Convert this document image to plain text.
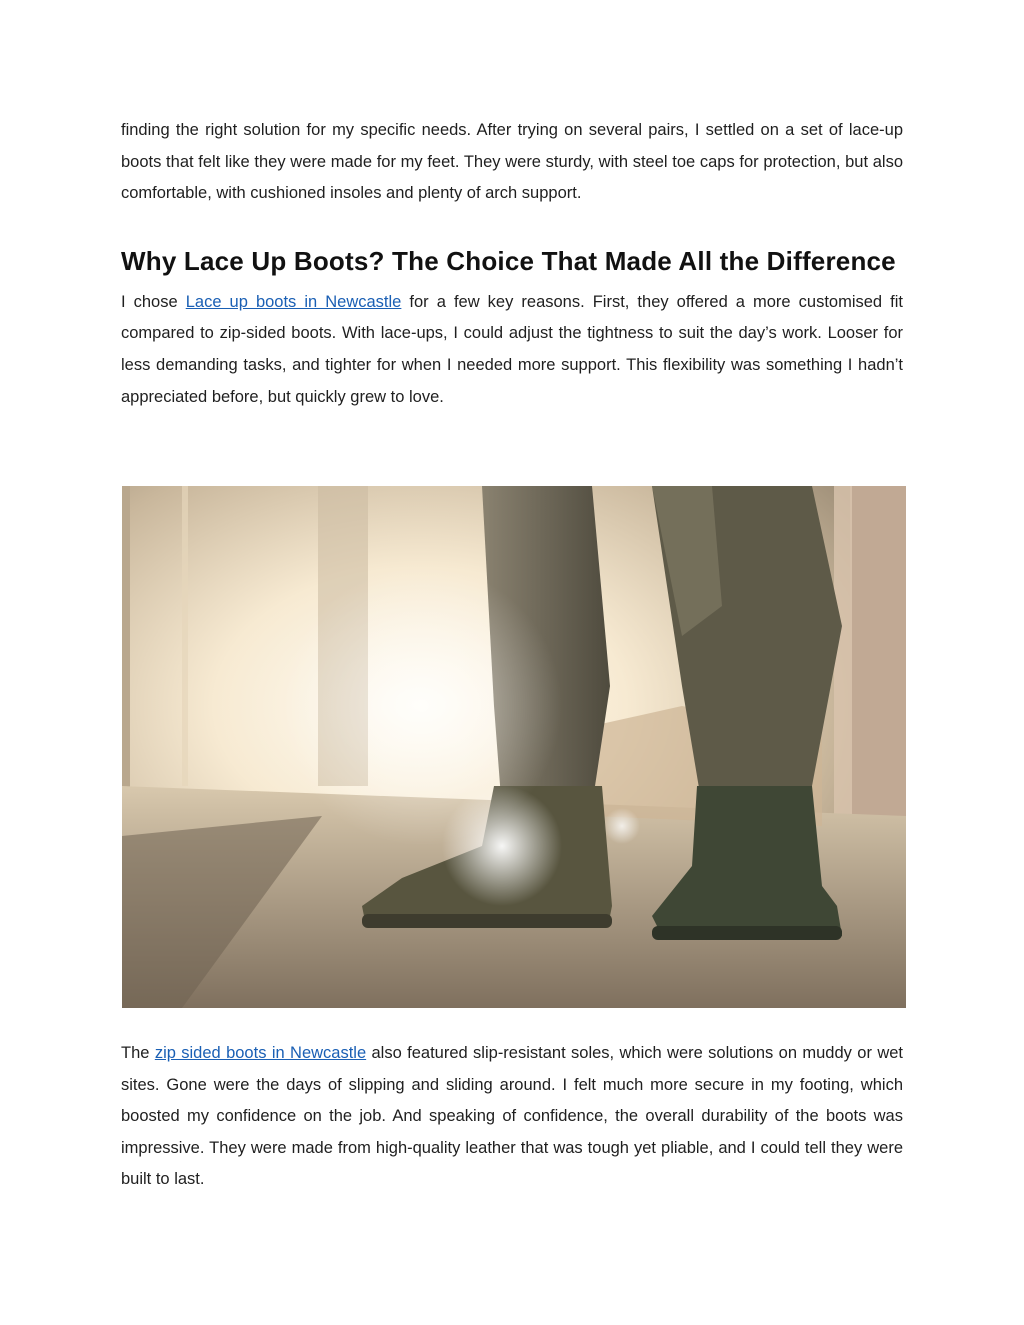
finding the right solution for my specific needs. After trying on several pairs, I settled on a set of lace-up boots that felt like they were made for my feet. They were sturdy, with steel toe caps for protection, but also comfortable, with cushioned insoles and plenty of arch support.

Why Lace Up Boots? The Choice That Made All the Difference

I chose Lace up boots in Newcastle for a few key reasons. First, they offered a more customised fit compared to zip-sided boots. With lace-ups, I could adjust the tightness to suit the day’s work. Looser for less demanding tasks, and tighter for when I needed more support. This flexibility was something I hadn’t appreciated before, but quickly grew to love.

The zip sided boots in Newcastle also featured slip-resistant soles, which were solutions on muddy or wet sites. Gone were the days of slipping and sliding around. I felt much more secure in my footing, which boosted my confidence on the job. And speaking of confidence, the overall durability of the boots was impressive. They were made from high-quality leather that was tough yet pliable, and I could tell they were built to last.
